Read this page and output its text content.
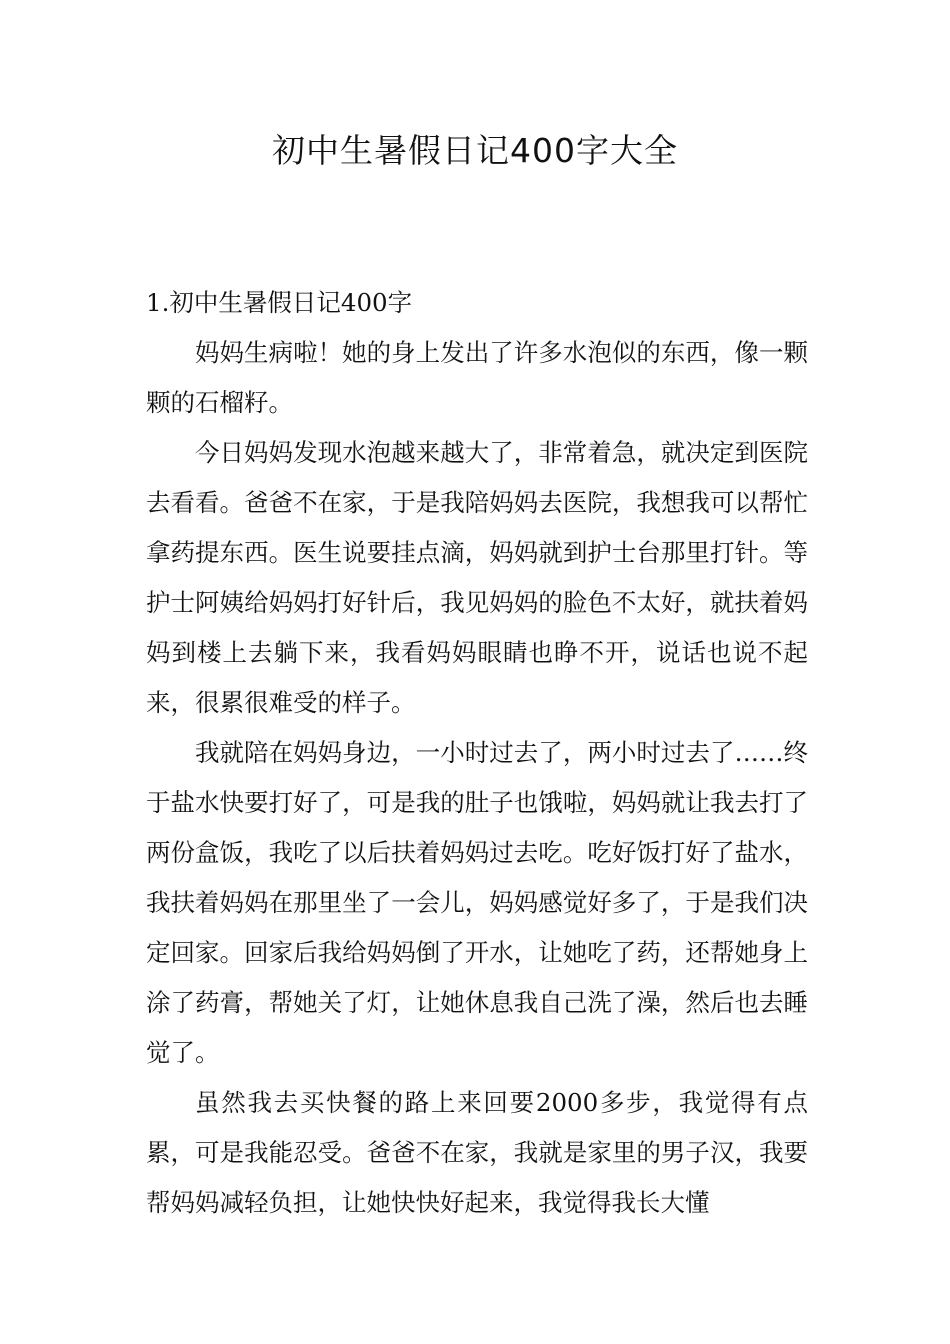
初中生暑假日记400字大全
1.初中生暑假日记400字

妈妈生病啦！她的身上发出了许多水泡似的东西，像一颗颗的石榴籽。

今日妈妈发现水泡越来越大了，非常着急，就决定到医院去看看。爸爸不在家，于是我陪妈妈去医院，我想我可以帮忙拿药提东西。医生说要挂点滴，妈妈就到护士台那里打针。等护士阿姨给妈妈打好针后，我见妈妈的脸色不太好，就扶着妈妈到楼上去躺下来，我看妈妈眼睛也睁不开，说话也说不起来，很累很难受的样子。

我就陪在妈妈身边，一小时过去了，两小时过去了……终于盐水快要打好了，可是我的肚子也饿啦，妈妈就让我去打了两份盒饭，我吃了以后扶着妈妈过去吃。吃好饭打好了盐水，我扶着妈妈在那里坐了一会儿，妈妈感觉好多了，于是我们决定回家。回家后我给妈妈倒了开水，让她吃了药，还帮她身上涂了药膏，帮她关了灯，让她休息我自己洗了澡，然后也去睡觉了。

虽然我去买快餐的路上来回要2000多步，我觉得有点累，可是我能忍受。爸爸不在家，我就是家里的男子汉，我要帮妈妈减轻负担，让她快快好起来，我觉得我长大懂
